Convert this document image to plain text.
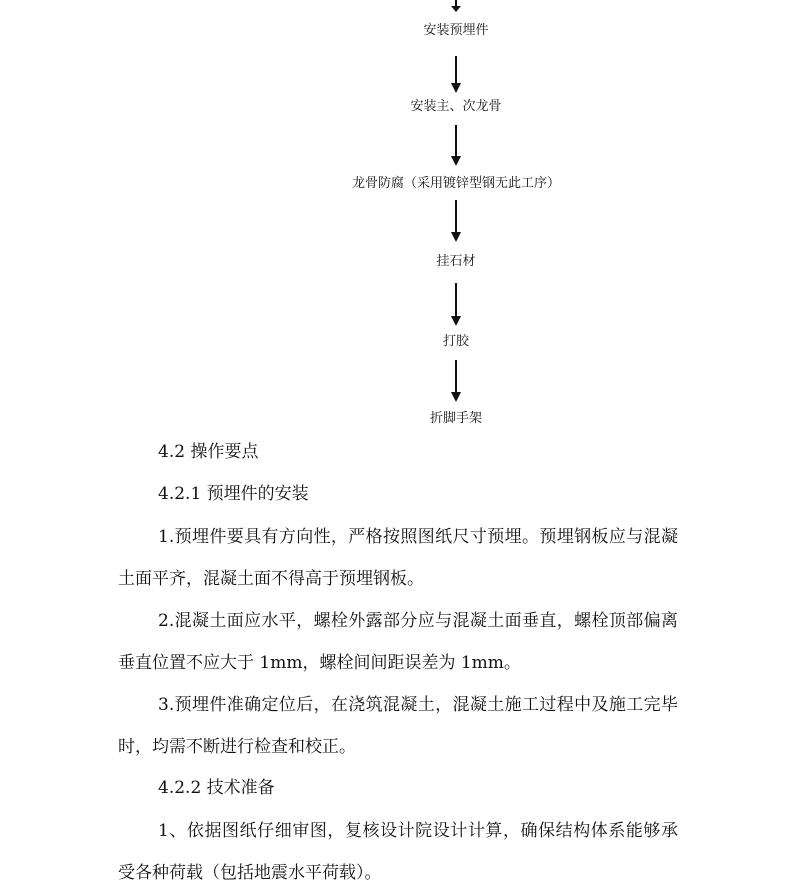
安装预埋件
安装主、次龙骨
龙骨防腐（采用镀锌型钢无此工序）
挂石材
打胶
折脚手架
4.2 操作要点
4.2.1 预埋件的安装
1.预埋件要具有方向性，严格按照图纸尺寸预埋。预埋钢板应与混凝土面平齐，混凝土面不得高于预埋钢板。
2.混凝土面应水平，螺栓外露部分应与混凝土面垂直，螺栓顶部偏离垂直位置不应大于 1mm，螺栓间间距误差为 1mm。
3.预埋件准确定位后，在浇筑混凝土，混凝土施工过程中及施工完毕时，均需不断进行检查和校正。
4.2.2 技术准备
1、依据图纸仔细审图，复核设计院设计计算，确保结构体系能够承受各种荷载（包括地震水平荷载）。
